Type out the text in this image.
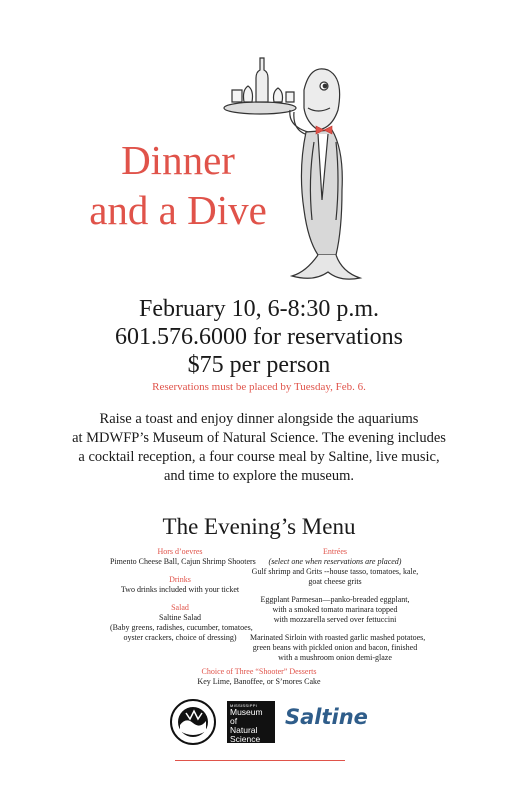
Dinner
and a Dive
February 10, 6-8:30 p.m.
601.576.6000 for reservations
$75 per person
Reservations must be placed by Tuesday, Feb. 6.
Raise a toast and enjoy dinner alongside the aquariums
at MDWFP’s Museum of Natural Science. The evening includes
a cocktail reception, a four course meal by Saltine, live music,
and time to explore the museum.
The Evening’s Menu
Hors d’oevres
Pimento Cheese Ball, Cajun Shrimp Shooters
Drinks
Two drinks included with your ticket
Salad
Saltine Salad
(Baby greens, radishes, cucumber, tomatoes,
oyster crackers, choice of dressing)
Entrées
(select one when reservations are placed)
Gulf shrimp and Grits --house tasso, tomatoes, kale,
goat cheese grits
Eggplant Parmesan—panko-breaded eggplant,
with a smoked tomato marinara topped
with mozzarella served over fettuccini
Marinated Sirloin with roasted garlic mashed potatoes,
green beans with pickled onion and bacon, finished
with a mushroom onion demi-glaze
Choice of Three “Shooter” Desserts
Key Lime, Banoffee, or S’mores Cake
MISSISSIPPI
Museum of
Natural
Science
Saltine
